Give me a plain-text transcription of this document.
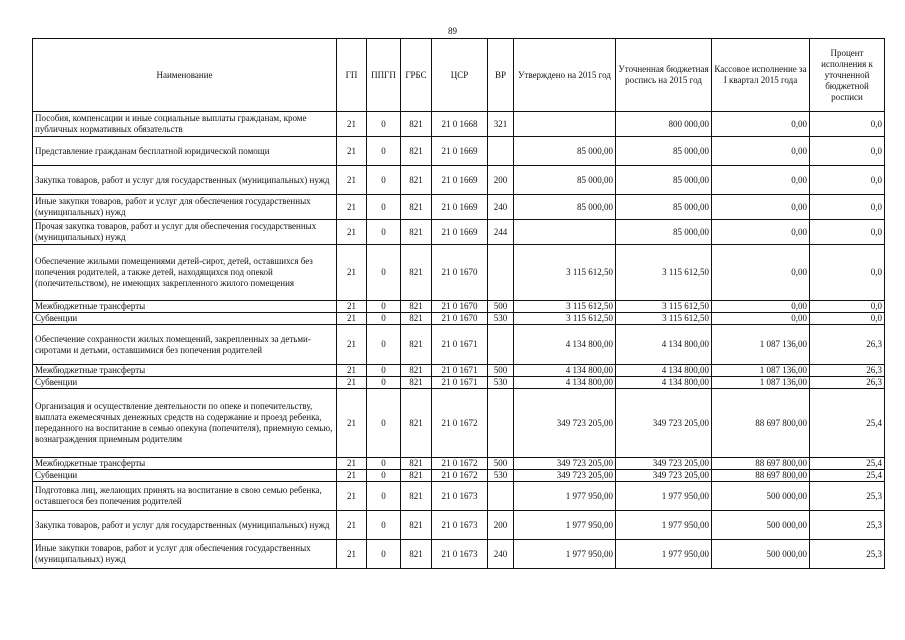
89
Наименование	ГП	ППГП	ГРБС	ЦСР	ВР	Утверждено на 2015 год	Уточненная бюджетная роспись на 2015 год	Кассовое исполнение за I квартал 2015 года	Процент исполнения к уточненной бюджетной росписи
Пособия, компенсации и иные социальные выплаты гражданам, кроме публичных нормативных обязательств	21	0	821	21 0 1668	321		800 000,00	0,00	0,0
Представление гражданам бесплатной юридической помощи	21	0	821	21 0 1669		85 000,00	85 000,00	0,00	0,0
Закупка товаров, работ и услуг для государственных (муниципальных) нужд	21	0	821	21 0 1669	200	85 000,00	85 000,00	0,00	0,0
Иные закупки товаров, работ и услуг для обеспечения государственных (муниципальных) нужд	21	0	821	21 0 1669	240	85 000,00	85 000,00	0,00	0,0
Прочая закупка товаров, работ и услуг для обеспечения государственных (муниципальных) нужд	21	0	821	21 0 1669	244		85 000,00	0,00	0,0
Обеспечение жилыми помещениями детей-сирот, детей, оставшихся без попечения родителей, а также детей, находящихся под опекой (попечительством), не имеющих закрепленного жилого помещения	21	0	821	21 0 1670		3 115 612,50	3 115 612,50	0,00	0,0
Межбюджетные трансферты	21	0	821	21 0 1670	500	3 115 612,50	3 115 612,50	0,00	0,0
Субвенции	21	0	821	21 0 1670	530	3 115 612,50	3 115 612,50	0,00	0,0
Обеспечение сохранности жилых помещений, закрепленных за детьми-сиротами и детьми, оставшимися без попечения родителей	21	0	821	21 0 1671		4 134 800,00	4 134 800,00	1 087 136,00	26,3
Межбюджетные трансферты	21	0	821	21 0 1671	500	4 134 800,00	4 134 800,00	1 087 136,00	26,3
Субвенции	21	0	821	21 0 1671	530	4 134 800,00	4 134 800,00	1 087 136,00	26,3
Организация и осуществление деятельности по опеке и попечительству, выплата ежемесячных денежных средств на содержание и проезд ребенка, переданного на воспитание в семью опекуна (попечителя), приемную семью, вознаграждения приемным родителям	21	0	821	21 0 1672		349 723 205,00	349 723 205,00	88 697 800,00	25,4
Межбюджетные трансферты	21	0	821	21 0 1672	500	349 723 205,00	349 723 205,00	88 697 800,00	25,4
Субвенции	21	0	821	21 0 1672	530	349 723 205,00	349 723 205,00	88 697 800,00	25,4
Подготовка лиц, желающих принять на воспитание в свою семью ребенка, оставшегося без попечения родителей	21	0	821	21 0 1673		1 977 950,00	1 977 950,00	500 000,00	25,3
Закупка товаров, работ и услуг для государственных (муниципальных) нужд	21	0	821	21 0 1673	200	1 977 950,00	1 977 950,00	500 000,00	25,3
Иные закупки товаров, работ и услуг для обеспечения государственных (муниципальных) нужд	21	0	821	21 0 1673	240	1 977 950,00	1 977 950,00	500 000,00	25,3
